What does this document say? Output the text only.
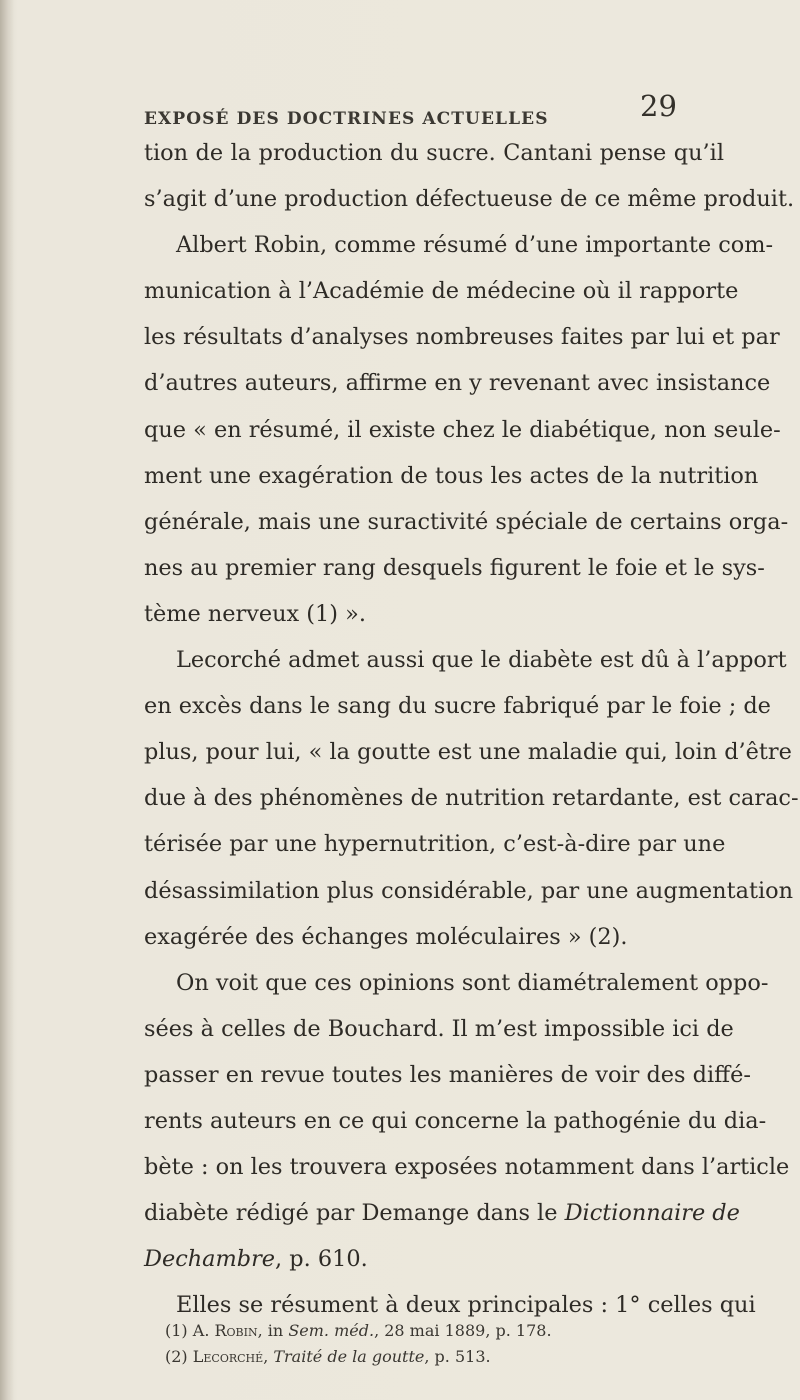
EXPOSÉ DES DOCTRINES ACTUELLES	29
tion de la production du sucre. Cantani pense qu’il
s’agit d’une production défectueuse de ce même produit.
Albert Robin, comme résumé d’une importante com-
munication à l’Académie de médecine où il rapporte
les résultats d’analyses nombreuses faites par lui et par
d’autres auteurs, affirme en y revenant avec insistance
que « en résumé, il existe chez le diabétique, non seule-
ment une exagération de tous les actes de la nutrition
générale, mais une suractivité spéciale de certains orga-
nes au premier rang desquels figurent le foie et le sys-
tème nerveux (1) ».
Lecorché admet aussi que le diabète est dû à l’apport
en excès dans le sang du sucre fabriqué par le foie ; de
plus, pour lui, « la goutte est une maladie qui, loin d’être
due à des phénomènes de nutrition retardante, est carac-
térisée par une hypernutrition, c’est-à-dire par une
désassimilation plus considérable, par une augmentation
exagérée des échanges moléculaires » (2).
On voit que ces opinions sont diamétralement oppo-
sées à celles de Bouchard. Il m’est impossible ici de
passer en revue toutes les manières de voir des diffé-
rents auteurs en ce qui concerne la pathogénie du dia-
bète : on les trouvera exposées notamment dans l’article
diabète rédigé par Demange dans le Dictionnaire de
Dechambre, p. 610.
Elles se résument à deux principales : 1° celles qui
(1) A. Robin, in Sem. méd., 28 mai 1889, p. 178.
(2) Lecorché, Traité de la goutte, p. 513.
